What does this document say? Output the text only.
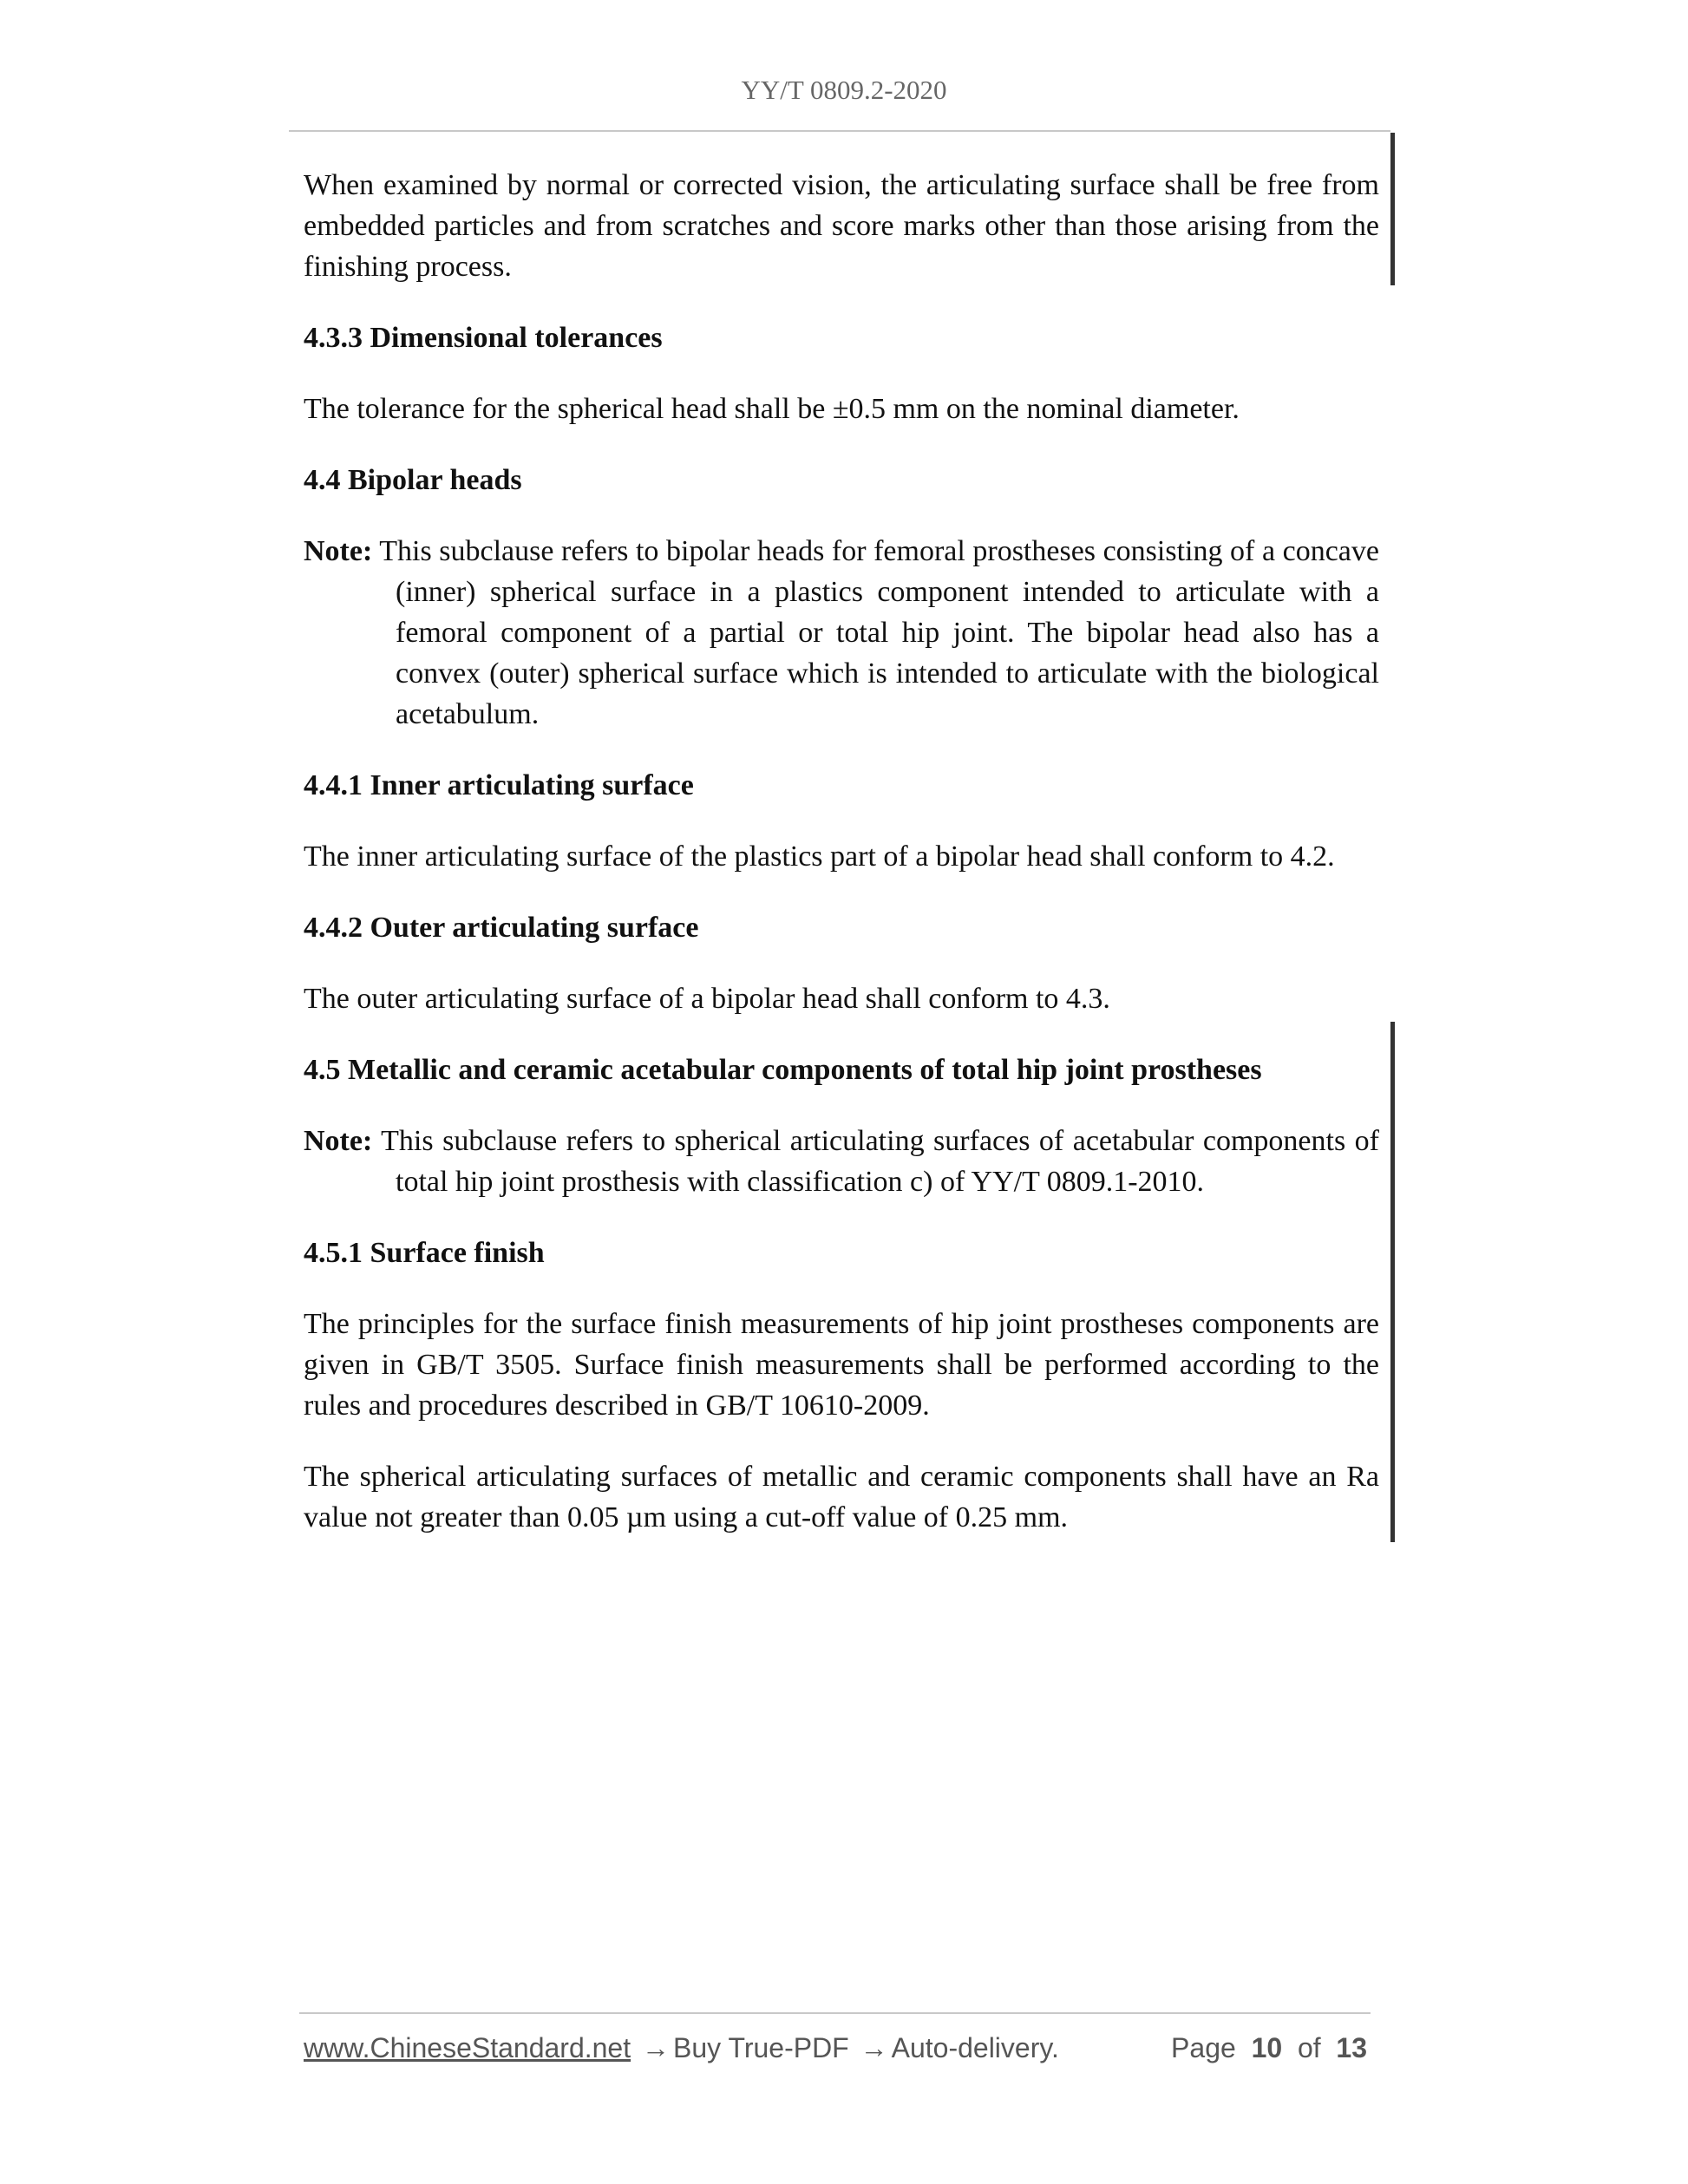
YY/T 0809.2-2020

When examined by normal or corrected vision, the articulating surface shall be free from embedded particles and from scratches and score marks other than those arising from the finishing process.

4.3.3 Dimensional tolerances

The tolerance for the spherical head shall be ±0.5 mm on the nominal diameter.

4.4 Bipolar heads

Note: This subclause refers to bipolar heads for femoral prostheses consisting of a concave (inner) spherical surface in a plastics component intended to articulate with a femoral component of a partial or total hip joint. The bipolar head also has a convex (outer) spherical surface which is intended to articulate with the biological acetabulum.

4.4.1 Inner articulating surface

The inner articulating surface of the plastics part of a bipolar head shall conform to 4.2.

4.4.2 Outer articulating surface

The outer articulating surface of a bipolar head shall conform to 4.3.

4.5 Metallic and ceramic acetabular components of total hip joint prostheses

Note: This subclause refers to spherical articulating surfaces of acetabular components of total hip joint prosthesis with classification c) of YY/T 0809.1-2010.

4.5.1 Surface finish

The principles for the surface finish measurements of hip joint prostheses components are given in GB/T 3505. Surface finish measurements shall be performed according to the rules and procedures described in GB/T 10610-2009.

The spherical articulating surfaces of metallic and ceramic components shall have an Ra value not greater than 0.05 µm using a cut-off value of 0.25 mm.

www.ChineseStandard.net → Buy True-PDF → Auto-delivery.	Page 10 of 13
